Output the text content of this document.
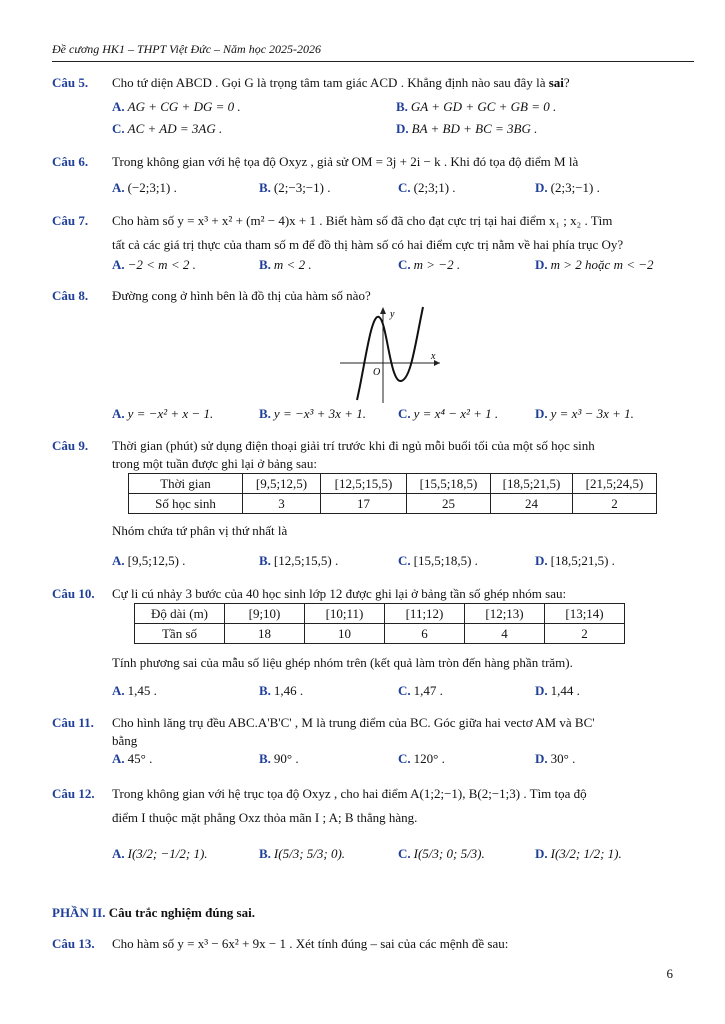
Đề cương HK1 – THPT Việt Đức – Năm học 2025-2026
Câu 5. Cho tứ diện ABCD . Gọi G là trọng tâm tam giác ACD . Khẳng định nào sau đây là sai?
A. AG + CG + DG = 0 .	B. GA + GD + GC + GB = 0 .
C. AC + AD = 3AG .	D. BA + BD + BC = 3BG .
Câu 6. Trong không gian với hệ tọa độ Oxyz , giả sử OM = 3j + 2i − k . Khi đó tọa độ điểm M là
A. (−2;3;1) .	B. (2;−3;−1) .	C. (2;3;1) .	D. (2;3;−1) .
Câu 7. Cho hàm số y = x³ + x² + (m² − 4)x + 1 . Biết hàm số đã cho đạt cực trị tại hai điểm x₁ ; x₂ . Tìm
tất cả các giá trị thực của tham số m để đồ thị hàm số có hai điểm cực trị nằm về hai phía trục Oy?
A. −2 < m < 2 .	B. m < 2 .	C. m > −2 .	D. m > 2 hoặc m < −2
Câu 8. Đường cong ở hình bên là đồ thị của hàm số nào?
y
x
O
A. y = −x² + x − 1.	B. y = −x³ + 3x + 1. C. y = x⁴ − x² + 1 .	D. y = x³ − 3x + 1.
Câu 9. Thời gian (phút) sử dụng điện thoại giải trí trước khi đi ngủ mỗi buổi tối của một số học sinh
trong một tuần được ghi lại ở bảng sau:
Thời gian	[9,5;12,5)	[12,5;15,5)	[15,5;18,5)	[18,5;21,5)	[21,5;24,5)
Số học sinh	3	17	25	24	2
Nhóm chứa tứ phân vị thứ nhất là
A. [9,5;12,5) .	B. [12,5;15,5) .	C. [15,5;18,5) .	D. [18,5;21,5) .
Câu 10. Cự li cú nhảy 3 bước của 40 học sinh lớp 12 được ghi lại ở bảng tần số ghép nhóm sau:
Độ dài (m)	[9;10)	[10;11)	[11;12)	[12;13)	[13;14)
Tần số	18	10	6	4	2
Tính phương sai của mẫu số liệu ghép nhóm trên (kết quả làm tròn đến hàng phần trăm).
A. 1,45 .	B. 1,46 .	C. 1,47 .	D. 1,44 .
Câu 11. Cho hình lăng trụ đều ABC.A'B'C' , M là trung điểm của BC. Góc giữa hai vectơ AM và BC'
bằng
A. 45° .	B. 90° .	C. 120° .	D. 30° .
Câu 12. Trong không gian với hệ trục tọa độ Oxyz , cho hai điểm A(1;2;−1), B(2;−1;3) . Tìm tọa độ
điểm I thuộc mặt phẳng Oxz thỏa mãn I ; A; B thẳng hàng.
A. I(3/2; −1/2; 1).	B. I(5/3; 5/3; 0).	C. I(5/3; 0; 5/3).	D. I(3/2; 1/2; 1).
PHẦN II. Câu trắc nghiệm đúng sai.
Câu 13. Cho hàm số y = x³ − 6x² + 9x − 1 . Xét tính đúng – sai của các mệnh đề sau:
6
